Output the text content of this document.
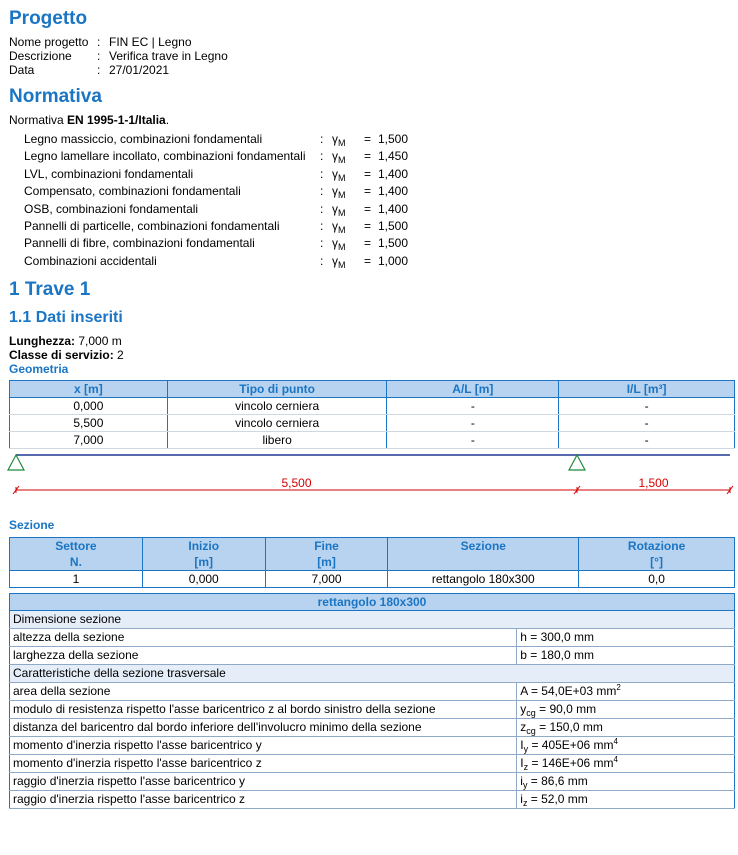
Progetto
Nome progetto : FIN EC | Legno
Descrizione : Verifica trave in Legno
Data	: 27/01/2021
Normativa
Normativa EN 1995-1-1/Italia.
Legno massiccio, combinazioni fondamentali	: $\gamma_M = 1,500$
Legno lamellare incollato, combinazioni fondamentali : $\gamma_M = 1,450$
LVL, combinazioni fondamentali	: $\gamma_M = 1,400$
Compensato, combinazioni fondamentali	: $\gamma_M = 1,400$
OSB, combinazioni fondamentali	: $\gamma_M = 1,400$
Pannelli di particelle, combinazioni fondamentali	: $\gamma_M = 1,500$
Pannelli di fibre, combinazioni fondamentali	: $\gamma_M = 1,500$
Combinazioni accidentali	: $\gamma_M = 1,000$
1 Trave 1
1.1 Dati inseriti
Lunghezza: 7,000 m
Classe di servizio: 2
Geometria
x [m]	Tipo di punto	A/L [m]	I/L [m³]
0,000	vincolo cerniera	-	-
5,500	vincolo cerniera	-	-
7,000	libero	-	-
5,500	1,500
Sezione
Settore	Inizio	Fine	Sezione	Rotazione
N.	[m]	[m]		[°]
1	0,000	7,000	rettangolo 180x300	0,0
rettangolo 180x300	
Dimensione sezione	
altezza della sezione	h = 300,0 mm
larghezza della sezione	b = 180,0 mm
Caratteristiche della sezione trasversale	
area della sezione	A = 54,0E+03 $mm^2$
modulo di resistenza rispetto l'asse baricentrico z al bordo sinistro della sezione	$y_{cg} = 90,0$ mm
distanza del baricentro dal bordo inferiore dell'involucro minimo della sezione	$z_{cg} = 150,0$ mm
momento d'inerzia rispetto l'asse baricentrico y	$I_y = 405E+06$ $mm^4$
momento d'inerzia rispetto l'asse baricentrico z	$I_z = 146E+06$ $mm^4$
raggio d'inerzia rispetto l'asse baricentrico y	$i_y = 86,6$ mm
raggio d'inerzia rispetto l'asse baricentrico z	$i_z = 52,0$ mm
